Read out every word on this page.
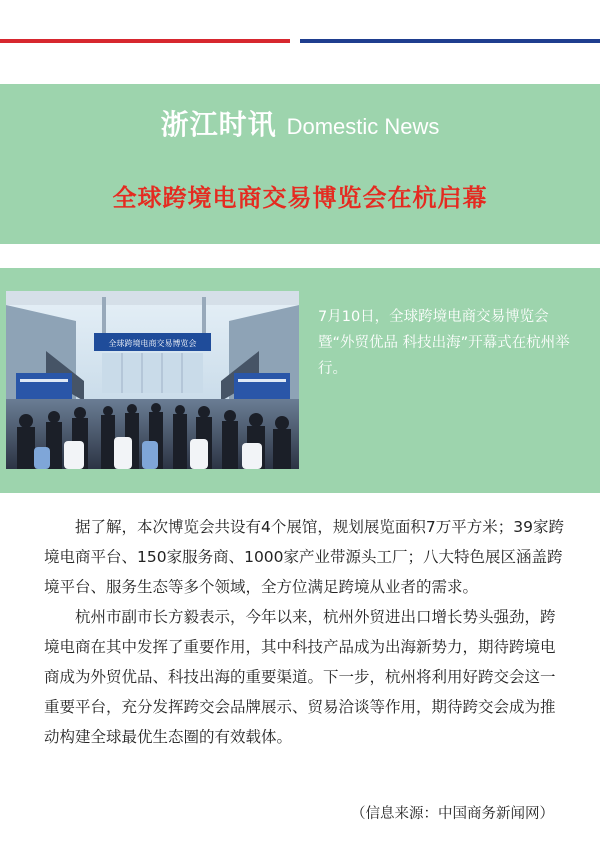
浙江时讯 Domestic News
全球跨境电商交易博览会在杭启幕
全球跨境电商交易博览会
7月10日，全球跨境电商交易博览会暨“外贸优品 科技出海”开幕式在杭州举行。

据了解，本次博览会共设有4个展馆，规划展览面积7万平方米；39家跨境电商平台、150家服务商、1000家产业带源头工厂；八大特色展区涵盖跨境平台、服务生态等多个领域，全方位满足跨境从业者的需求。

杭州市副市长方毅表示，今年以来，杭州外贸进出口增长势头强劲，跨境电商在其中发挥了重要作用，其中科技产品成为出海新势力，期待跨境电商成为外贸优品、科技出海的重要渠道。下一步，杭州将利用好跨交会这一重要平台，充分发挥跨交会品牌展示、贸易洽谈等作用，期待跨交会成为推动构建全球最优生态圈的有效载体。

（信息来源：中国商务新闻网）
